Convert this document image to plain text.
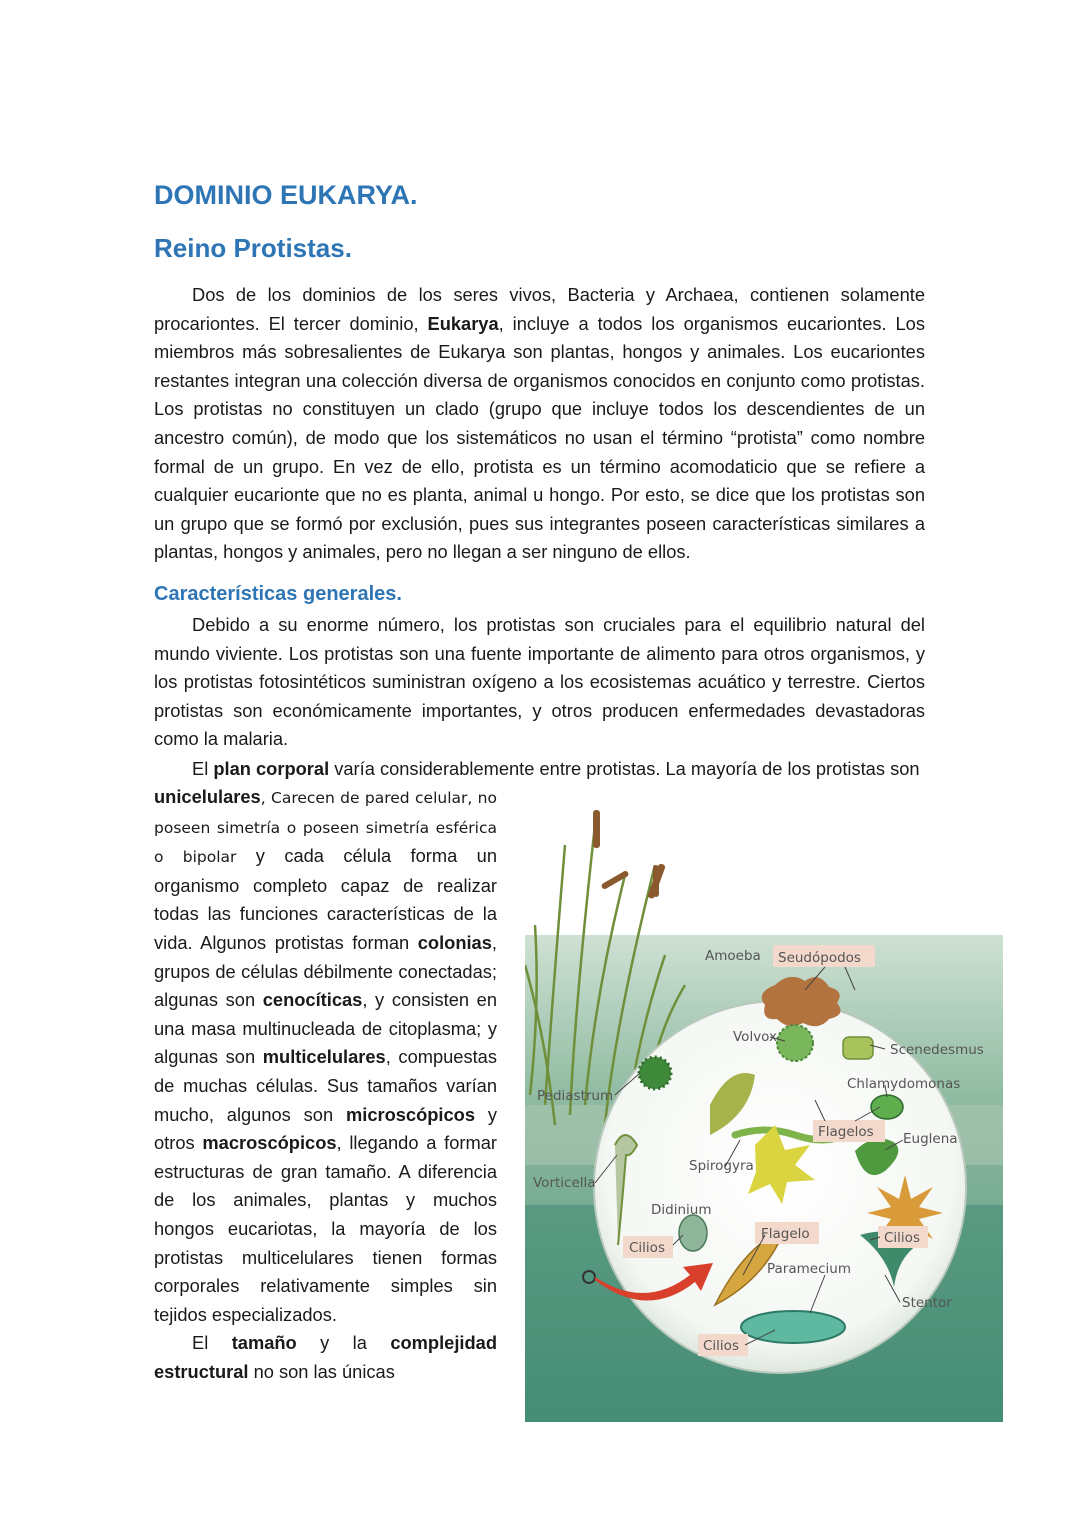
DOMINIO EUKARYA.
Reino Protistas.
Dos de los dominios de los seres vivos, Bacteria y Archaea, contienen solamente procariontes. El tercer dominio, Eukarya, incluye a todos los organismos eucariontes. Los miembros más sobresalientes de Eukarya son plantas, hongos y animales. Los eucariontes restantes integran una colección diversa de organismos conocidos en conjunto como protistas. Los protistas no constituyen un clado (grupo que incluye todos los descendientes de un ancestro común), de modo que los sistemáticos no usan el término “protista” como nombre formal de un grupo. En vez de ello, protista es un término acomodaticio que se refiere a cualquier eucarionte que no es planta, animal u hongo. Por esto, se dice que los protistas son un grupo que se formó por exclusión, pues sus integrantes poseen características similares a plantas, hongos y animales, pero no llegan a ser ninguno de ellos.
Características generales.
Debido a su enorme número, los protistas son cruciales para el equilibrio natural del mundo viviente. Los protistas son una fuente importante de alimento para otros organismos, y los protistas fotosintéticos suministran oxígeno a los ecosistemas acuático y terrestre. Ciertos protistas son económicamente importantes, y otros producen enfermedades devastadoras como la malaria.
El plan corporal varía considerablemente entre protistas. La mayoría de los protistas son
unicelulares, Carecen de pared celular, no poseen simetría o poseen simetría esférica o bipolar y cada célula forma un organismo completo capaz de realizar todas las funciones características de la vida. Algunos protistas forman colonias, grupos de células débilmente conectadas; algunas son cenocíticas, y consisten en una masa multinucleada de citoplasma; y algunas son multicelulares, compuestas de muchas células. Sus tamaños varían mucho, algunos son microscópicos y otros macroscópicos, llegando a formar estructuras de gran tamaño. A diferencia de los animales, plantas y muchos hongos eucariotas, la mayoría de los protistas multicelulares tienen formas corporales relativamente simples sin tejidos especializados.
El tamaño y la complejidad estructural no son las únicas
Amoeba Seudópodos
Volvox
Scenedesmus
Chlamydomonas
Pediastrum
Flagelos Euglena
Spirogyra
Vorticella
Didinium
Flagelo
Cilios
Cilios
Paramecium
Stentor
Cilios
